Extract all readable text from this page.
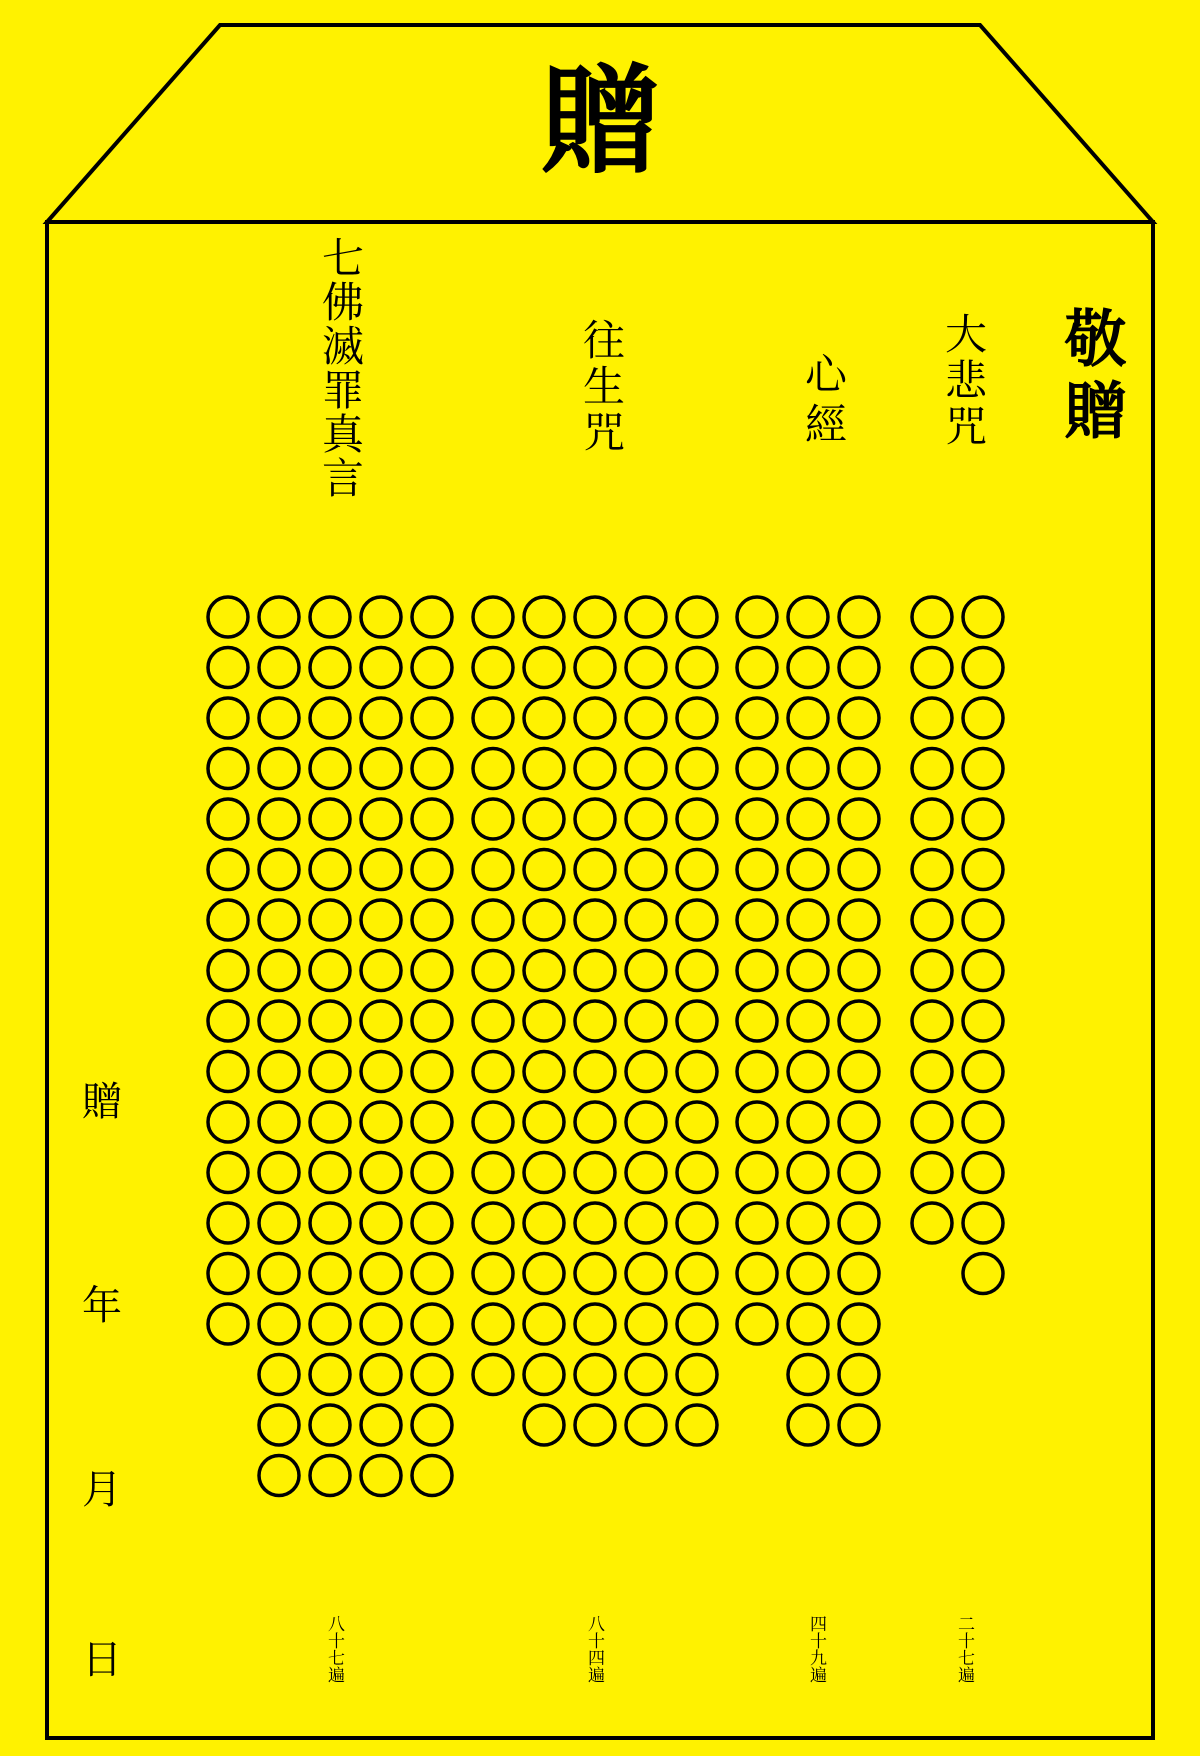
贈
敬贈
大悲咒
心經
往生咒
七佛滅罪真言
二十七遍
四十九遍
八十四遍
八十七遍
贈
年
月
日
